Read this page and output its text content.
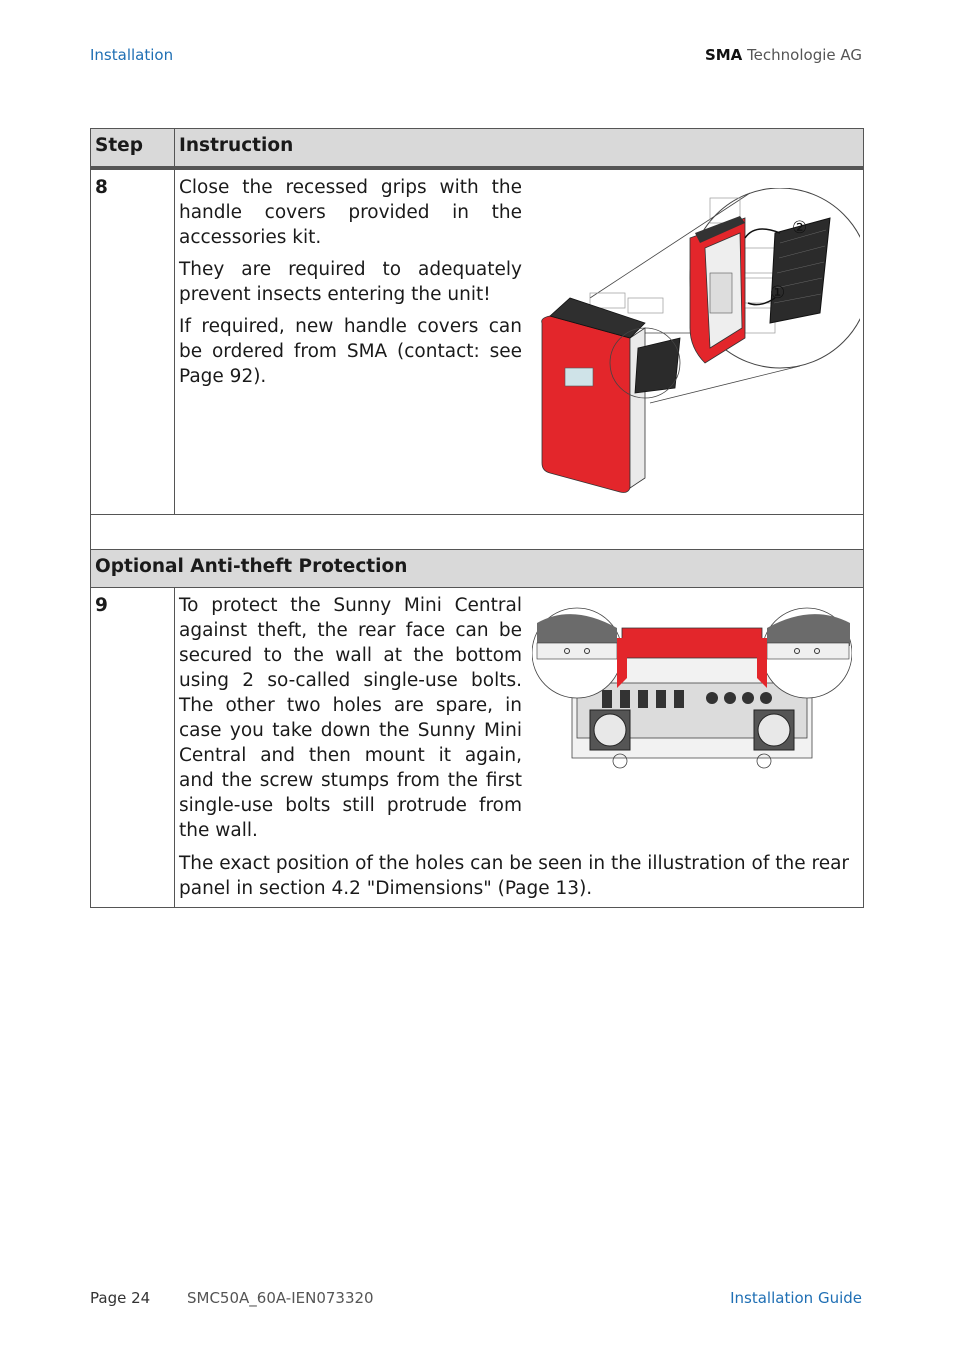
Installation	SMA Technologie AG
Step	Instruction
8	Close the recessed grips with the handle covers provided in the accessories kit.

They are required to adequately prevent insects entering the unit!

If required, new handle covers can be ordered from SMA (contact: see Page 92).

②
①

Optional Anti-theft Protection	
9	To protect the Sunny Mini Central against theft, the rear face can be secured to the wall at the bottom using 2 so-called single-use bolts. The other two holes are spare, in case you take down the Sunny Mini Central and then mount it again, and the screw stumps from the first single-use bolts still protrude from the wall.

The exact position of the holes can be seen in the illustration of the rear panel in section 4.2 "Dimensions" (Page 13).

Page 24 SMC50A_60A-IEN073320	Installation Guide
